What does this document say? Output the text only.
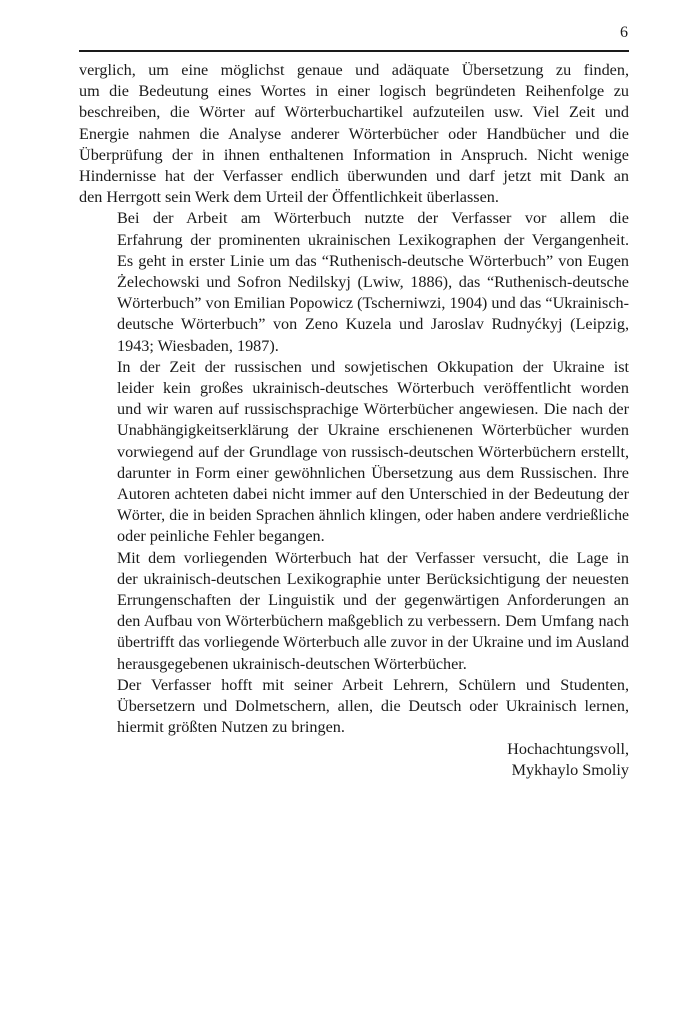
6

verglich, um eine möglichst genaue und adäquate Übersetzung zu finden,
um die Bedeutung eines Wortes in einer logisch begründeten Reihenfolge zu
beschreiben, die Wörter auf Wörterbuchartikel aufzuteilen usw. Viel Zeit und
Energie nahmen die Analyse anderer Wörterbücher oder Handbücher und die
Überprüfung der in ihnen enthaltenen Information in Anspruch. Nicht wenige
Hindernisse hat der Verfasser endlich überwunden und darf jetzt mit Dank an
den Herrgott sein Werk dem Urteil der Öffentlichkeit überlassen.

Bei der Arbeit am Wörterbuch nutzte der Verfasser vor allem die
Erfahrung der prominenten ukrainischen Lexikographen der Vergangenheit.
Es geht in erster Linie um das “Ruthenisch-deutsche Wörterbuch” von Eugen
Żelechowski und Sofron Nedilskyj (Lwiw, 1886), das “Ruthenisch-deutsche
Wörterbuch” von Emilian Popowicz (Tscherniwzi, 1904) und das “Ukrainisch-
deutsche Wörterbuch” von Zeno Kuzela und Jaroslav Rudnyćkyj (Leipzig,
1943; Wiesbaden, 1987).

In der Zeit der russischen und sowjetischen Okkupation der Ukraine ist
leider kein großes ukrainisch-deutsches Wörterbuch veröffentlicht worden
und wir waren auf russischsprachige Wörterbücher angewiesen. Die nach der
Unabhängigkeitserklärung der Ukraine erschienenen Wörterbücher wurden
vorwiegend auf der Grundlage von russisch-deutschen Wörterbüchern erstellt,
darunter in Form einer gewöhnlichen Übersetzung aus dem Russischen. Ihre
Autoren achteten dabei nicht immer auf den Unterschied in der Bedeutung der
Wörter, die in beiden Sprachen ähnlich klingen, oder haben andere verdrießliche
oder peinliche Fehler begangen.

Mit dem vorliegenden Wörterbuch hat der Verfasser versucht, die Lage in
der ukrainisch-deutschen Lexikographie unter Berücksichtigung der neuesten
Errungenschaften der Linguistik und der gegenwärtigen Anforderungen an
den Aufbau von Wörterbüchern maßgeblich zu verbessern. Dem Umfang nach
übertrifft das vorliegende Wörterbuch alle zuvor in der Ukraine und im Ausland
herausgegebenen ukrainisch-deutschen Wörterbücher.

Der Verfasser hofft mit seiner Arbeit Lehrern, Schülern und Studenten,
Übersetzern und Dolmetschern, allen, die Deutsch oder Ukrainisch lernen,
hiermit größten Nutzen zu bringen.

Hochachtungsvoll,
Mykhaylo Smoliy
